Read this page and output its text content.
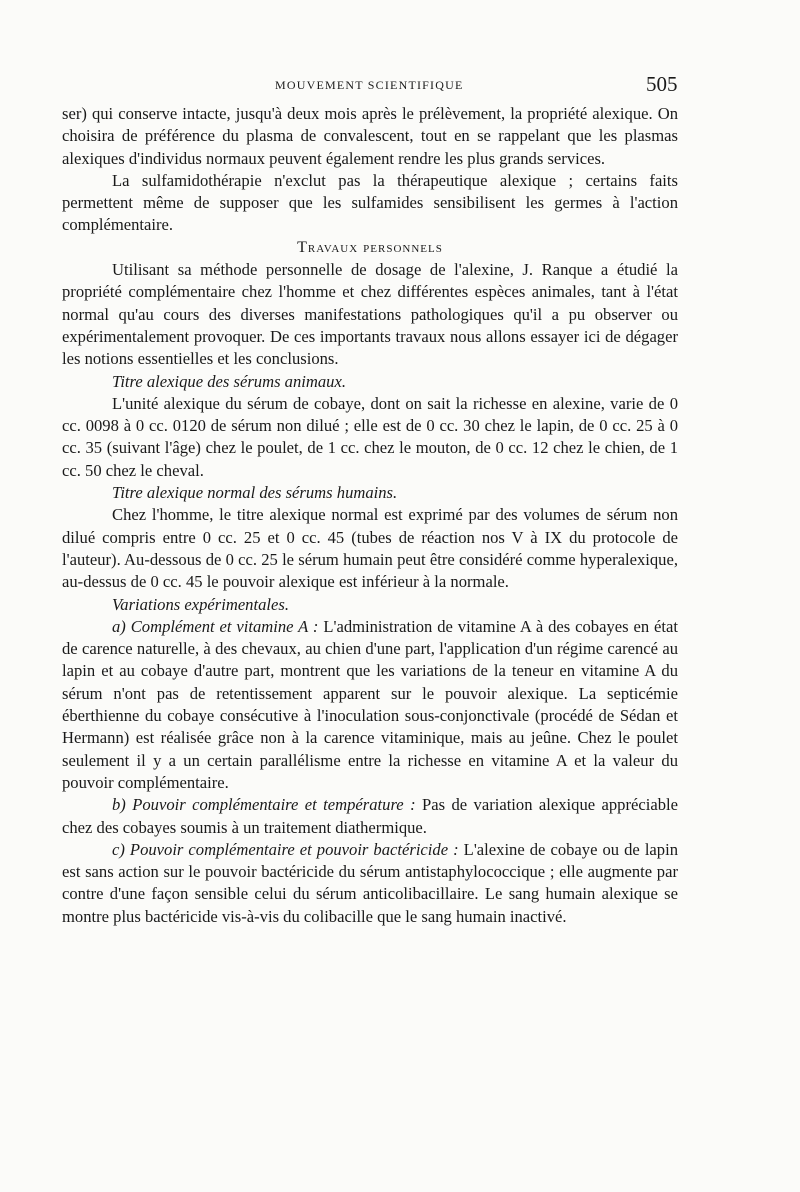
MOUVEMENT SCIENTIFIQUE	505

ser) qui conserve intacte, jusqu'à deux mois après le prélèvement, la propriété alexique. On choisira de préférence du plasma de convalescent, tout en se rappelant que les plasmas alexiques d'individus normaux peuvent également rendre les plus grands services.

La sulfamidothérapie n'exclut pas la thérapeutique alexique ; certains faits permettent même de supposer que les sulfamides sensibilisent les germes à l'action complémentaire.

Travaux personnels

Utilisant sa méthode personnelle de dosage de l'alexine, J. Ranque a étudié la propriété complémentaire chez l'homme et chez différentes espèces animales, tant à l'état normal qu'au cours des diverses manifestations pathologiques qu'il a pu observer ou expérimentalement provoquer. De ces importants travaux nous allons essayer ici de dégager les notions essentielles et les conclusions.

Titre alexique des sérums animaux.

L'unité alexique du sérum de cobaye, dont on sait la richesse en alexine, varie de 0 cc. 0098 à 0 cc. 0120 de sérum non dilué ; elle est de 0 cc. 30 chez le lapin, de 0 cc. 25 à 0 cc. 35 (suivant l'âge) chez le poulet, de 1 cc. chez le mouton, de 0 cc. 12 chez le chien, de 1 cc. 50 chez le cheval.

Titre alexique normal des sérums humains.

Chez l'homme, le titre alexique normal est exprimé par des volumes de sérum non dilué compris entre 0 cc. 25 et 0 cc. 45 (tubes de réaction nos V à IX du protocole de l'auteur). Au-dessous de 0 cc. 25 le sérum humain peut être considéré comme hyperalexique, au-dessus de 0 cc. 45 le pouvoir alexique est inférieur à la normale.

Variations expérimentales.

a) Complément et vitamine A : L'administration de vitamine A à des cobayes en état de carence naturelle, à des chevaux, au chien d'une part, l'application d'un régime carencé au lapin et au cobaye d'autre part, montrent que les variations de la teneur en vitamine A du sérum n'ont pas de retentissement apparent sur le pouvoir alexique. La septicémie éberthienne du cobaye consécutive à l'inoculation sous-conjonctivale (procédé de Sédan et Hermann) est réalisée grâce non à la carence vitaminique, mais au jeûne. Chez le poulet seulement il y a un certain parallélisme entre la richesse en vitamine A et la valeur du pouvoir complémentaire.

b) Pouvoir complémentaire et température : Pas de variation alexique appréciable chez des cobayes soumis à un traitement diathermique.

c) Pouvoir complémentaire et pouvoir bactéricide : L'alexine de cobaye ou de lapin est sans action sur le pouvoir bactéricide du sérum antistaphylococcique ; elle augmente par contre d'une façon sensible celui du sérum anticolibacillaire. Le sang humain alexique se montre plus bactéricide vis-à-vis du colibacille que le sang humain inactivé.
